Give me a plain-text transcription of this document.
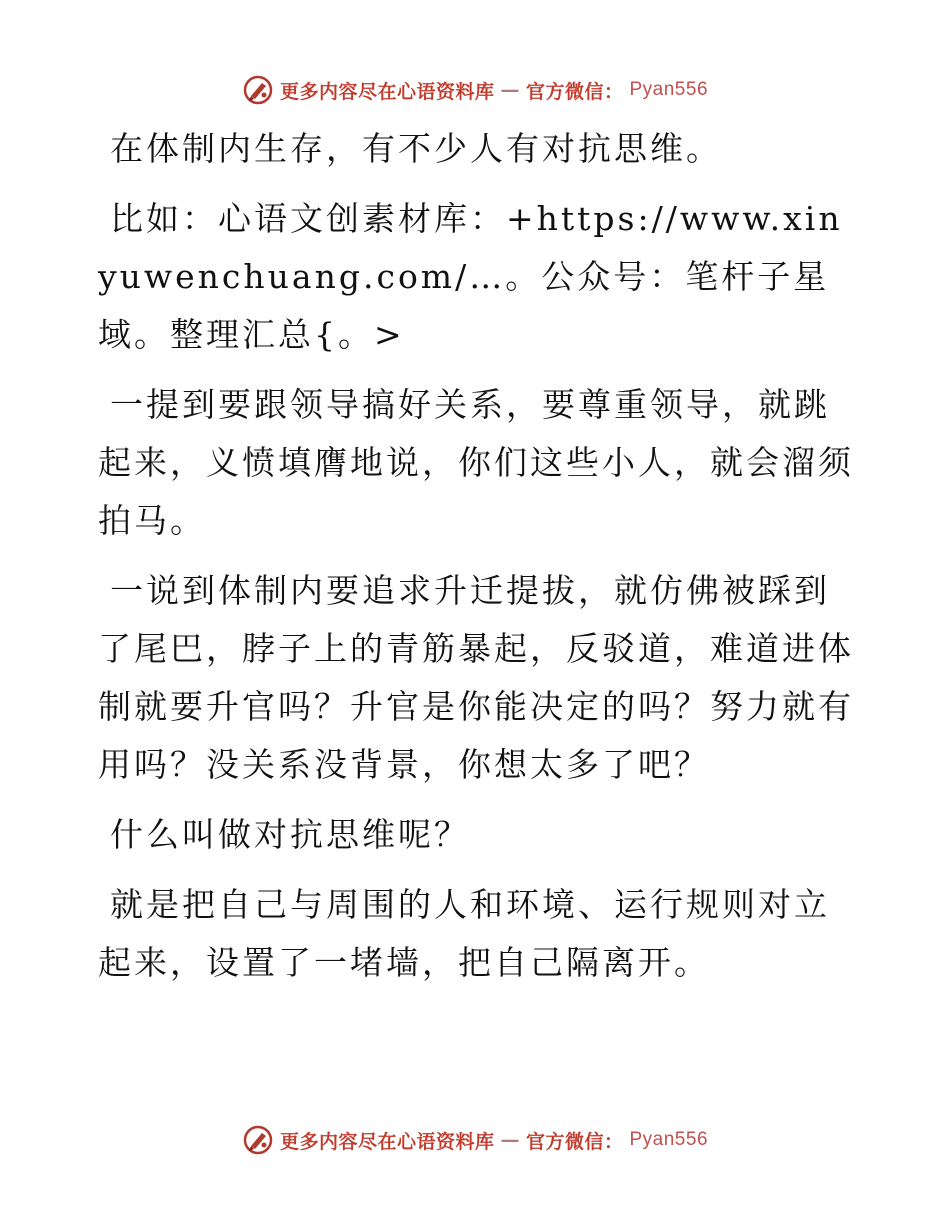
更多内容尽在心语资料库 — 官方微信： Pyan556

在体制内生存，有不少人有对抗思维。

比如：心语文创素材库：+https://www.xinyuwenchuang.com/…。公众号：笔杆子星域。整理汇总{。>

一提到要跟领导搞好关系，要尊重领导，就跳起来，义愤填膺地说，你们这些小人，就会溜须拍马。

一说到体制内要追求升迁提拔，就仿佛被踩到了尾巴，脖子上的青筋暴起，反驳道，难道进体制就要升官吗？升官是你能决定的吗？努力就有用吗？没关系没背景，你想太多了吧？

什么叫做对抗思维呢？

就是把自己与周围的人和环境、运行规则对立起来，设置了一堵墙，把自己隔离开。

更多内容尽在心语资料库 — 官方微信： Pyan556
